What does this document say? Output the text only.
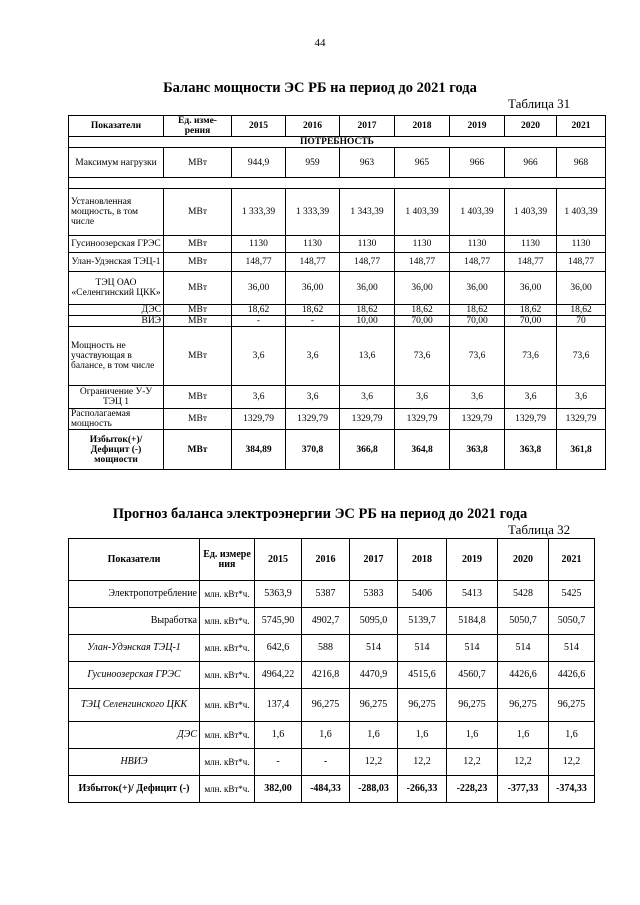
44
Баланс мощности ЭС РБ на период до 2021 года
Таблица 31
Показатели	Ед. изме-рения	2015	2016	2017	2018	2019	2020	2021
ПОТРЕБНОСТЬ								
Максимум нагрузки	МВт	944,9	959	963	965	966	966	968

Установленная мощность, в том числе	МВт	1 333,39	1 333,39	1 343,39	1 403,39	1 403,39	1 403,39	1 403,39
Гусиноозерская ГРЭС	МВт	1130	1130	1130	1130	1130	1130	1130
Улан-Удэнская ТЭЦ-1	МВт	148,77	148,77	148,77	148,77	148,77	148,77	148,77
ТЭЦ ОАО «Селенгинский ЦКК»	МВт	36,00	36,00	36,00	36,00	36,00	36,00	36,00
ДЭС	МВт	18,62	18,62	18,62	18,62	18,62	18,62	18,62
ВИЭ	МВт	-	-	10,00	70,00	70,00	70,00	70
Мощность не участвующая в балансе, в том числе	МВт	3,6	3,6	13,6	73,6	73,6	73,6	73,6
Ограничение У-У ТЭЦ 1	МВт	3,6	3,6	3,6	3,6	3,6	3,6	3,6
Располагаемая мощность	МВт	1329,79	1329,79	1329,79	1329,79	1329,79	1329,79	1329,79
Избыток(+)/ Дефицит (-) мощности	МВт	384,89	370,8	366,8	364,8	363,8	363,8	361,8
Прогноз баланса электроэнергии ЭС РБ на период до 2021 года
Таблица 32
Показатели	Ед. измере ния	2015	2016	2017	2018	2019	2020	2021
Электропотребление	млн. кВт*ч.	5363,9	5387	5383	5406	5413	5428	5425
Выработка	млн. кВт*ч.	5745,90	4902,7	5095,0	5139,7	5184,8	5050,7	5050,7
Улан-Удэнская ТЭЦ-1	млн. кВт*ч.	642,6	588	514	514	514	514	514
Гусиноозерская ГРЭС	млн. кВт*ч.	4964,22	4216,8	4470,9	4515,6	4560,7	4426,6	4426,6
ТЭЦ Селенгинского ЦКК	млн. кВт*ч.	137,4	96,275	96,275	96,275	96,275	96,275	96,275
ДЭС	млн. кВт*ч.	1,6	1,6	1,6	1,6	1,6	1,6	1,6
НВИЭ	млн. кВт*ч.	-	-	12,2	12,2	12,2	12,2	12,2
Избыток(+)/ Дефицит (-)	млн. кВт*ч.	382,00	-484,33	-288,03	-266,33	-228,23	-377,33	-374,33
